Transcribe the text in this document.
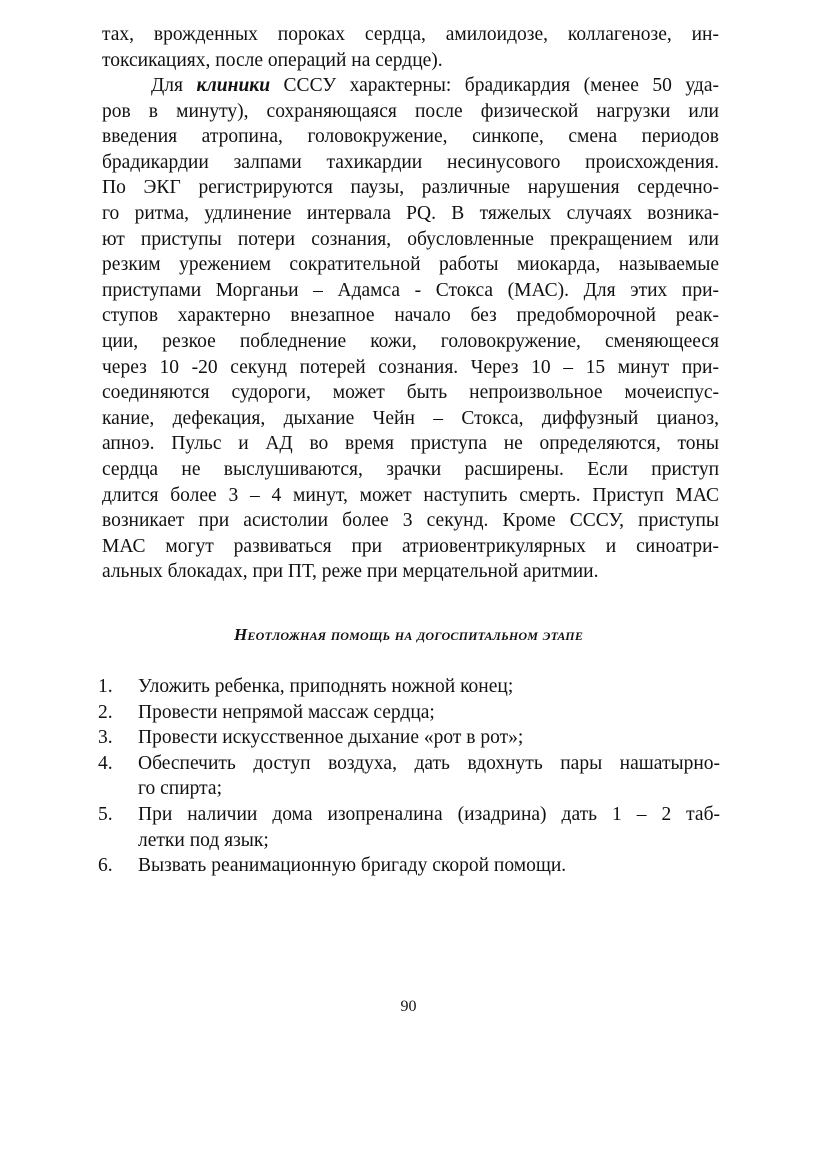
тах, врожденных пороках сердца, амилоидозе, коллагенозе, ин-
токсикациях, после операций на сердце).
Для клиники СССУ характерны: брадикардия (менее 50 уда-
ров в минуту), сохраняющаяся после физической нагрузки или
введения атропина, головокружение, синкопе, смена периодов
брадикардии залпами тахикардии несинусового происхождения.
По ЭКГ регистрируются паузы, различные нарушения сердечно-
го ритма, удлинение интервала PQ. В тяжелых случаях возника-
ют приступы потери сознания, обусловленные прекращением или
резким урежением сократительной работы миокарда, называемые
приступами Морганьи – Адамса - Стокса (МАС). Для этих при-
ступов характерно внезапное начало без предобморочной реак-
ции, резкое побледнение кожи, головокружение, сменяющееся
через 10 -20 секунд потерей сознания. Через 10 – 15 минут при-
соединяются судороги, может быть непроизвольное мочеиспус-
кание, дефекация, дыхание Чейн – Стокса, диффузный цианоз,
апноэ. Пульс и АД во время приступа не определяются, тоны
сердца не выслушиваются, зрачки расширены. Если приступ
длится более 3 – 4 минут, может наступить смерть. Приступ МАС
возникает при асистолии более 3 секунд. Кроме СССУ, приступы
МАС могут развиваться при атриовентрикулярных и синоатри-
альных блокадах, при ПТ, реже при мерцательной аритмии.
Неотложная помощь на догоспитальном этапе
1.	Уложить ребенка, приподнять ножной конец;
2.	Провести непрямой массаж сердца;
3.	Провести искусственное дыхание «рот в рот»;
4.	Обеспечить доступ воздуха, дать вдохнуть пары нашатырно-
го спирта;
5.	При наличии дома изопреналина (изадрина) дать 1 – 2 таб-
летки под язык;
6.	Вызвать реанимационную бригаду скорой помощи.
90
